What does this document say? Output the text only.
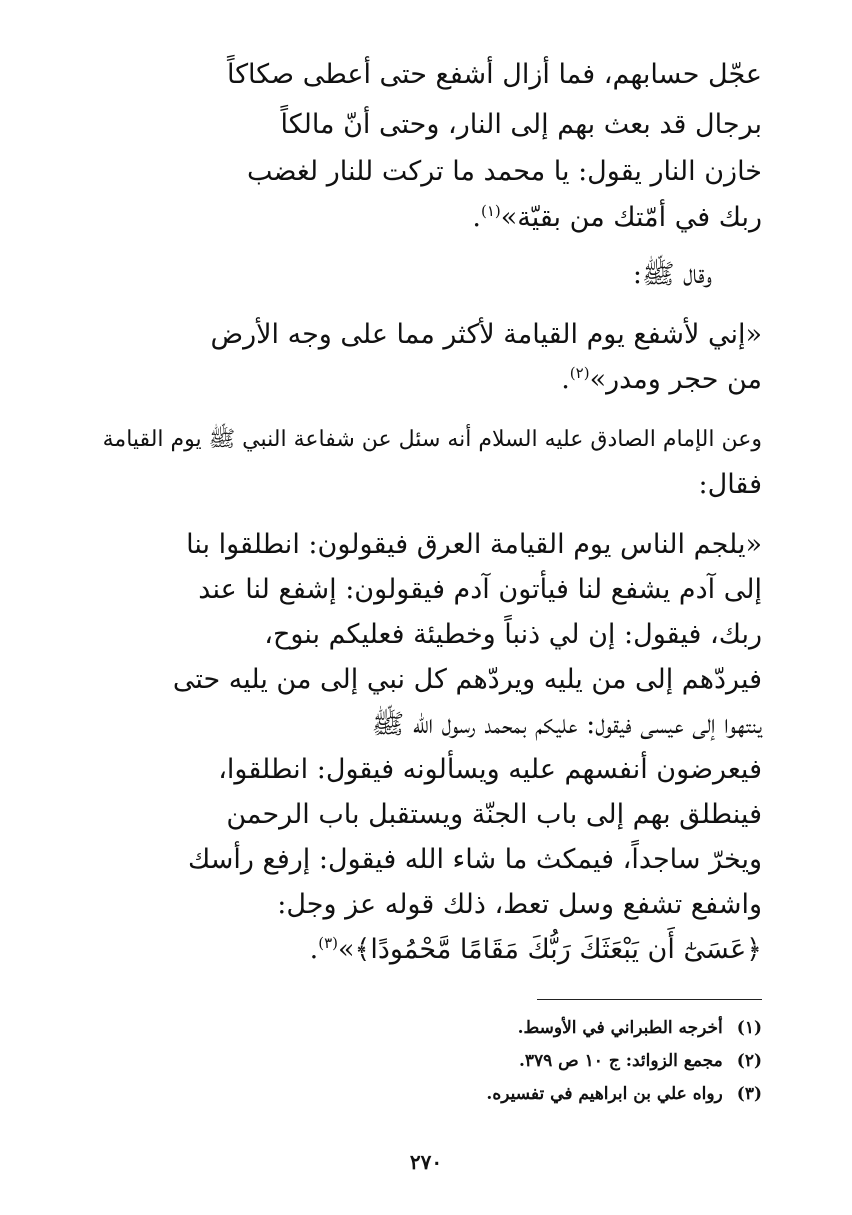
عجّل حسابهم، فما أزال أشفع حتى أعطى صكاكاً
برجال قد بعث بهم إلى النار، وحتى أنّ مالكاً
خازن النار يقول: يا محمد ما تركت للنار لغضب
ربك في أمّتك من بقيّة»$^{(١)}$.
وقال ﷺ:
«إني لأشفع يوم القيامة لأكثر مما على وجه الأرض
من حجر ومدر»$^{(٢)}$.
وعن الإمام الصادق عليه السلام أنه سئل عن شفاعة النبي ﷺ يوم القيامة
فقال:
«يلجم الناس يوم القيامة العرق فيقولون: انطلقوا بنا
إلى آدم يشفع لنا فيأتون آدم فيقولون: إشفع لنا عند
ربك، فيقول: إن لي ذنباً وخطيئة فعليكم بنوح،
فيردّهم إلى من يليه ويردّهم كل نبي إلى من يليه حتى
ينتهوا إلى عيسى فيقول: عليكم بمحمد رسول الله ﷺ
فيعرضون أنفسهم عليه ويسألونه فيقول: انطلقوا،
فينطلق بهم إلى باب الجنّة ويستقبل باب الرحمن
ويخرّ ساجداً، فيمكث ما شاء الله فيقول: إرفع رأسك
واشفع تشفع وسل تعط، ذلك قوله عز وجل:
﴿عَسَىٰٓ أَن يَبْعَثَكَ رَبُّكَ مَقَامًا مَّحْمُودًا﴾»$^{(٣)}$.
(١)أخرجه الطبراني في الأوسط.
(٢)مجمع الزوائد: ج ١٠ ص ٣٧٩.
(٣)رواه علي بن ابراهيم في تفسيره.
٢٧٠
